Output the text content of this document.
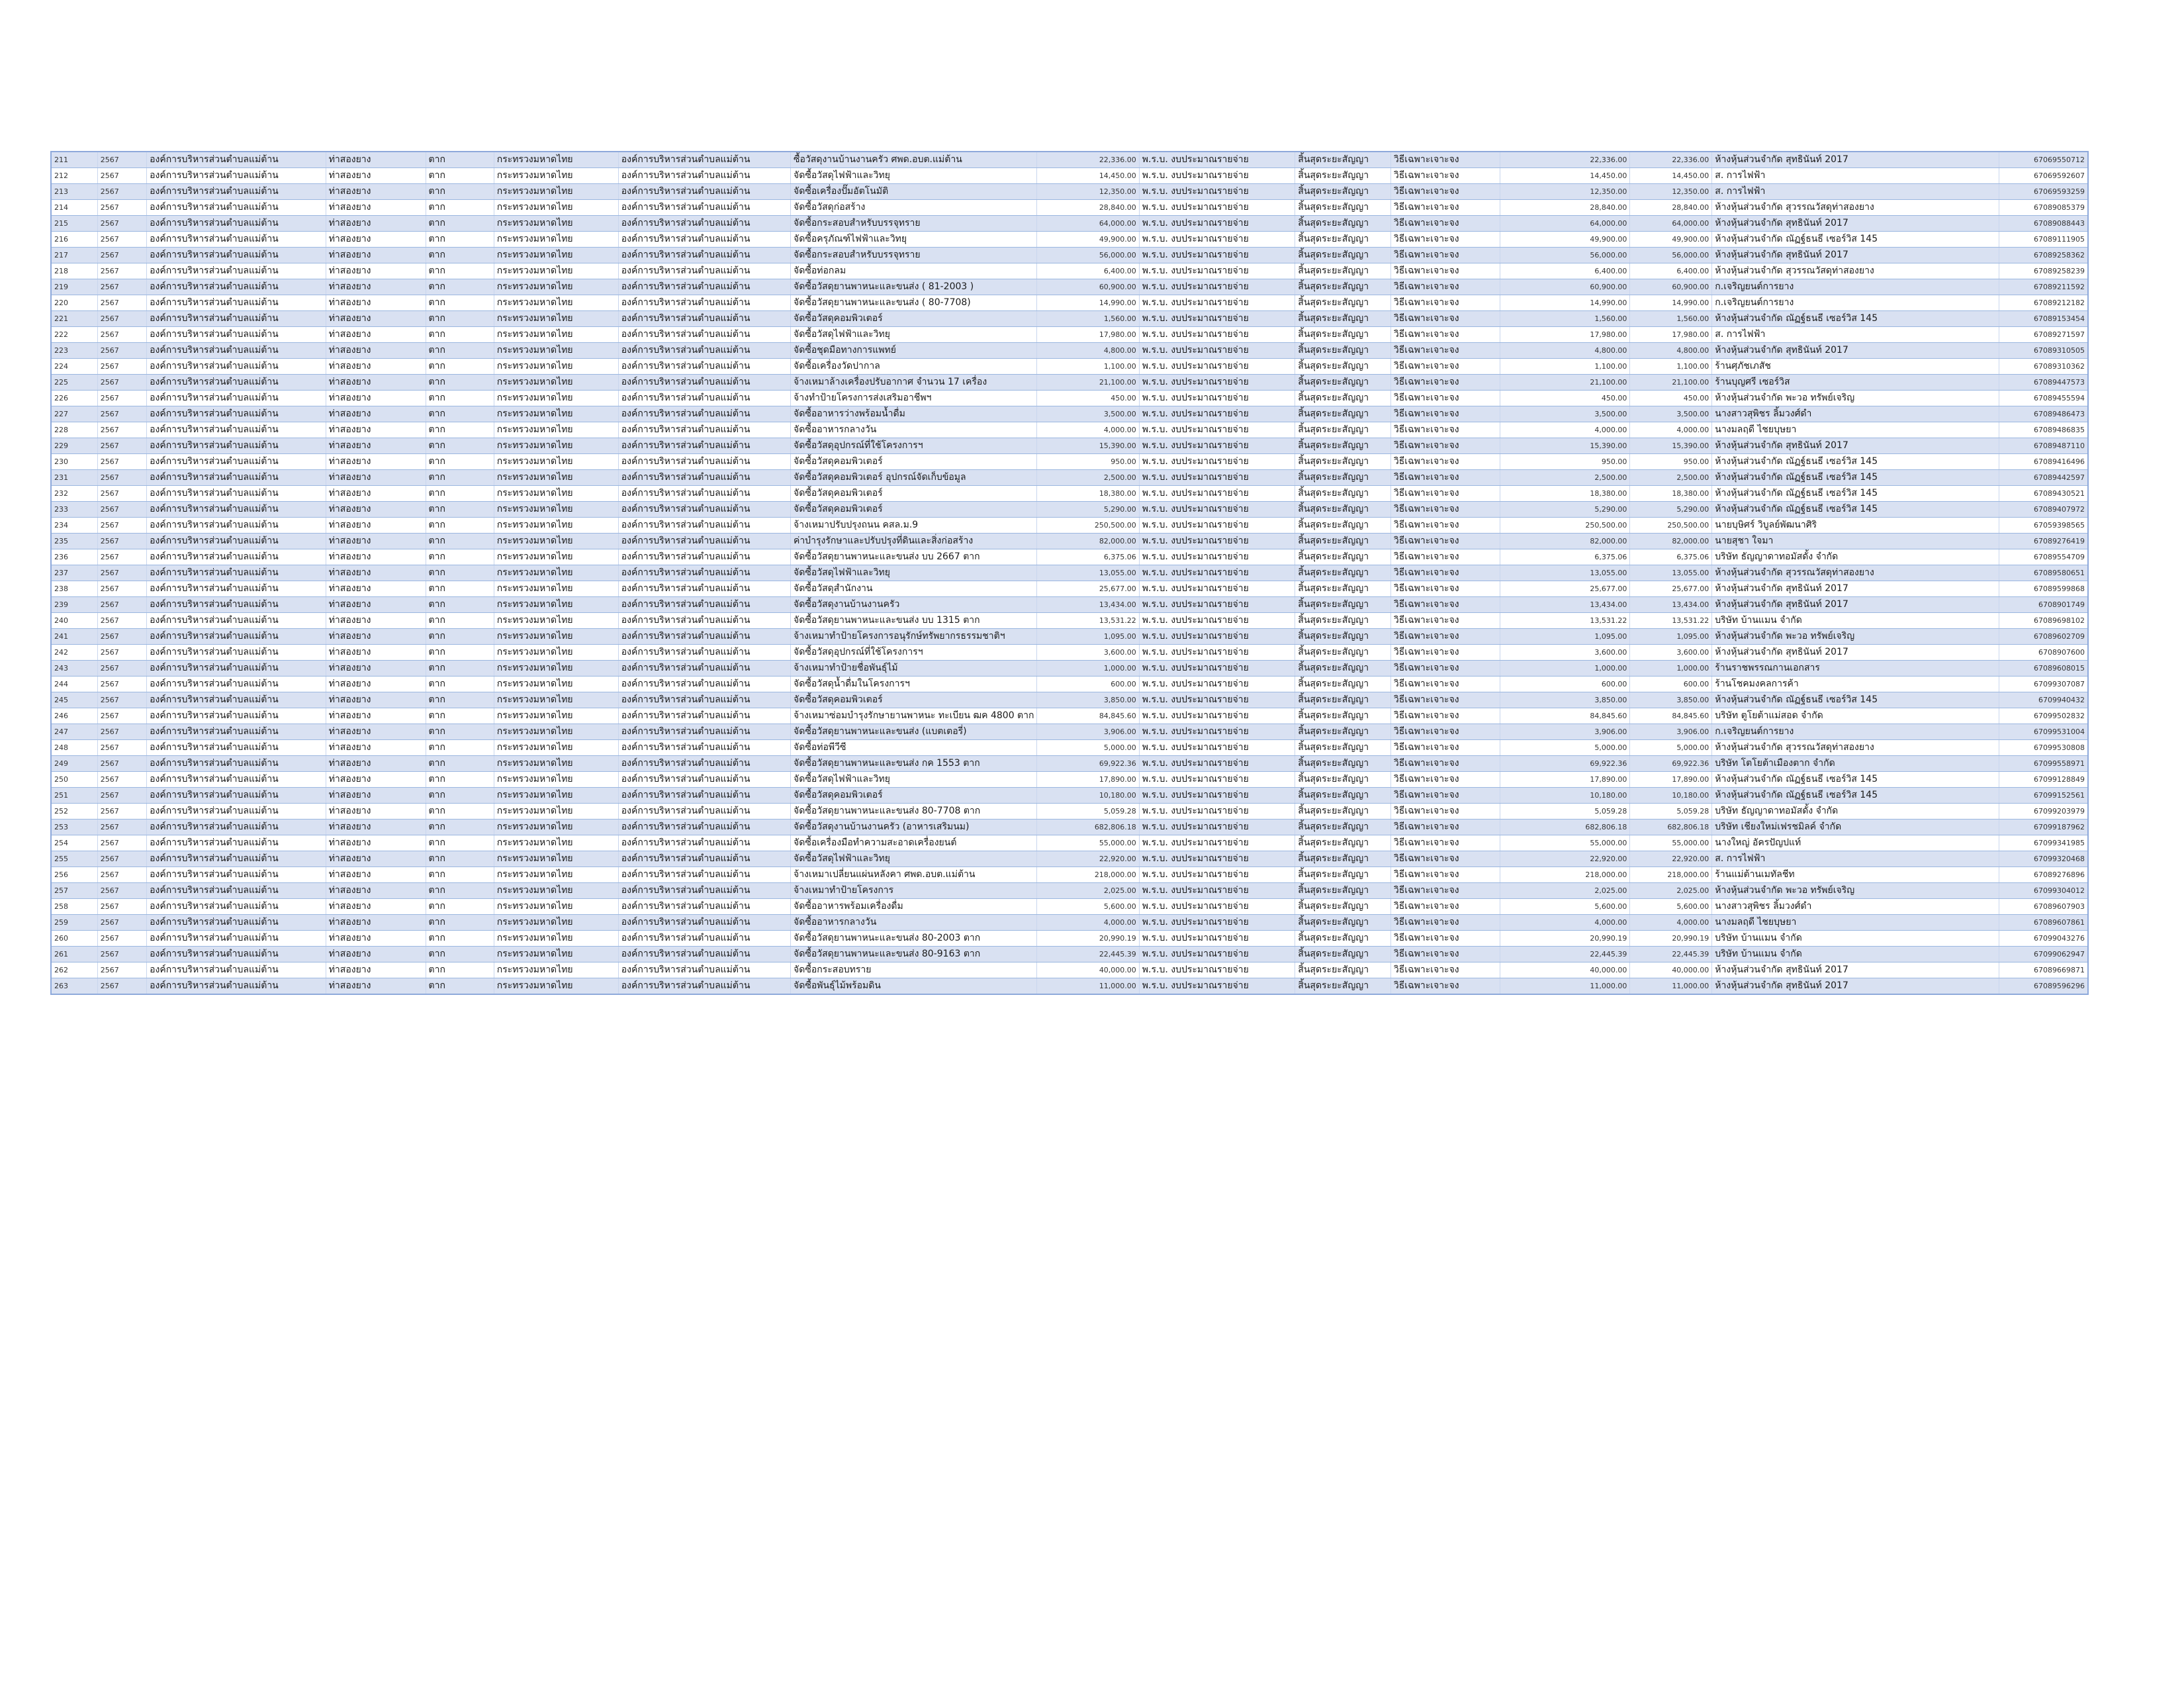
211	2567	องค์การบริหารส่วนตำบลแม่ต้าน	ท่าสองยาง	ตาก	กระทรวงมหาดไทย	องค์การบริหารส่วนตำบลแม่ต้าน	ซื้อวัสดุงานบ้านงานครัว ศพด.อบต.แม่ต้าน	22,336.00	พ.ร.บ. งบประมาณรายจ่าย	สิ้นสุดระยะสัญญา	วิธีเฉพาะเจาะจง	22,336.00	22,336.00	ห้างหุ้นส่วนจำกัด สุทธินันท์ 2017	67069550712
212	2567	องค์การบริหารส่วนตำบลแม่ต้าน	ท่าสองยาง	ตาก	กระทรวงมหาดไทย	องค์การบริหารส่วนตำบลแม่ต้าน	จัดซื้อวัสดุไฟฟ้าและวิทยุ	14,450.00	พ.ร.บ. งบประมาณรายจ่าย	สิ้นสุดระยะสัญญา	วิธีเฉพาะเจาะจง	14,450.00	14,450.00	ส. การไฟฟ้า	67069592607
213	2567	องค์การบริหารส่วนตำบลแม่ต้าน	ท่าสองยาง	ตาก	กระทรวงมหาดไทย	องค์การบริหารส่วนตำบลแม่ต้าน	จัดซื้อเครื่องปั๊มอัตโนมัติ	12,350.00	พ.ร.บ. งบประมาณรายจ่าย	สิ้นสุดระยะสัญญา	วิธีเฉพาะเจาะจง	12,350.00	12,350.00	ส. การไฟฟ้า	67069593259
214	2567	องค์การบริหารส่วนตำบลแม่ต้าน	ท่าสองยาง	ตาก	กระทรวงมหาดไทย	องค์การบริหารส่วนตำบลแม่ต้าน	จัดซื้อวัสดุก่อสร้าง	28,840.00	พ.ร.บ. งบประมาณรายจ่าย	สิ้นสุดระยะสัญญา	วิธีเฉพาะเจาะจง	28,840.00	28,840.00	ห้างหุ้นส่วนจำกัด สุวรรณวัสดุท่าสองยาง	67089085379
215	2567	องค์การบริหารส่วนตำบลแม่ต้าน	ท่าสองยาง	ตาก	กระทรวงมหาดไทย	องค์การบริหารส่วนตำบลแม่ต้าน	จัดซื้อกระสอบสำหรับบรรจุทราย	64,000.00	พ.ร.บ. งบประมาณรายจ่าย	สิ้นสุดระยะสัญญา	วิธีเฉพาะเจาะจง	64,000.00	64,000.00	ห้างหุ้นส่วนจำกัด สุทธินันท์ 2017	67089088443
216	2567	องค์การบริหารส่วนตำบลแม่ต้าน	ท่าสองยาง	ตาก	กระทรวงมหาดไทย	องค์การบริหารส่วนตำบลแม่ต้าน	จัดซื้อครุภัณฑ์ไฟฟ้าและวิทยุ	49,900.00	พ.ร.บ. งบประมาณรายจ่าย	สิ้นสุดระยะสัญญา	วิธีเฉพาะเจาะจง	49,900.00	49,900.00	ห้างหุ้นส่วนจำกัด ณัฏฐ์ธนธี เซอร์วิส 145	67089111905
217	2567	องค์การบริหารส่วนตำบลแม่ต้าน	ท่าสองยาง	ตาก	กระทรวงมหาดไทย	องค์การบริหารส่วนตำบลแม่ต้าน	จัดซื้อกระสอบสำหรับบรรจุทราย	56,000.00	พ.ร.บ. งบประมาณรายจ่าย	สิ้นสุดระยะสัญญา	วิธีเฉพาะเจาะจง	56,000.00	56,000.00	ห้างหุ้นส่วนจำกัด สุทธินันท์ 2017	67089258362
218	2567	องค์การบริหารส่วนตำบลแม่ต้าน	ท่าสองยาง	ตาก	กระทรวงมหาดไทย	องค์การบริหารส่วนตำบลแม่ต้าน	จัดซื้อท่อกลม	6,400.00	พ.ร.บ. งบประมาณรายจ่าย	สิ้นสุดระยะสัญญา	วิธีเฉพาะเจาะจง	6,400.00	6,400.00	ห้างหุ้นส่วนจำกัด สุวรรณวัสดุท่าสองยาง	67089258239
219	2567	องค์การบริหารส่วนตำบลแม่ต้าน	ท่าสองยาง	ตาก	กระทรวงมหาดไทย	องค์การบริหารส่วนตำบลแม่ต้าน	จัดซื้อวัสดุยานพาหนะและขนส่ง ( 81-2003 )	60,900.00	พ.ร.บ. งบประมาณรายจ่าย	สิ้นสุดระยะสัญญา	วิธีเฉพาะเจาะจง	60,900.00	60,900.00	ก.เจริญยนต์การยาง	67089211592
220	2567	องค์การบริหารส่วนตำบลแม่ต้าน	ท่าสองยาง	ตาก	กระทรวงมหาดไทย	องค์การบริหารส่วนตำบลแม่ต้าน	จัดซื้อวัสดุยานพาหนะและขนส่ง ( 80-7708)	14,990.00	พ.ร.บ. งบประมาณรายจ่าย	สิ้นสุดระยะสัญญา	วิธีเฉพาะเจาะจง	14,990.00	14,990.00	ก.เจริญยนต์การยาง	67089212182
221	2567	องค์การบริหารส่วนตำบลแม่ต้าน	ท่าสองยาง	ตาก	กระทรวงมหาดไทย	องค์การบริหารส่วนตำบลแม่ต้าน	จัดซื้อวัสดุคอมพิวเตอร์	1,560.00	พ.ร.บ. งบประมาณรายจ่าย	สิ้นสุดระยะสัญญา	วิธีเฉพาะเจาะจง	1,560.00	1,560.00	ห้างหุ้นส่วนจำกัด ณัฏฐ์ธนธี เซอร์วิส 145	67089153454
222	2567	องค์การบริหารส่วนตำบลแม่ต้าน	ท่าสองยาง	ตาก	กระทรวงมหาดไทย	องค์การบริหารส่วนตำบลแม่ต้าน	จัดซื้อวัสดุไฟฟ้าและวิทยุ	17,980.00	พ.ร.บ. งบประมาณรายจ่าย	สิ้นสุดระยะสัญญา	วิธีเฉพาะเจาะจง	17,980.00	17,980.00	ส. การไฟฟ้า	67089271597
223	2567	องค์การบริหารส่วนตำบลแม่ต้าน	ท่าสองยาง	ตาก	กระทรวงมหาดไทย	องค์การบริหารส่วนตำบลแม่ต้าน	จัดซื้อชุดมือทางการแพทย์	4,800.00	พ.ร.บ. งบประมาณรายจ่าย	สิ้นสุดระยะสัญญา	วิธีเฉพาะเจาะจง	4,800.00	4,800.00	ห้างหุ้นส่วนจำกัด สุทธินันท์ 2017	67089310505
224	2567	องค์การบริหารส่วนตำบลแม่ต้าน	ท่าสองยาง	ตาก	กระทรวงมหาดไทย	องค์การบริหารส่วนตำบลแม่ต้าน	จัดซื้อเครื่องวัดปากาล	1,100.00	พ.ร.บ. งบประมาณรายจ่าย	สิ้นสุดระยะสัญญา	วิธีเฉพาะเจาะจง	1,100.00	1,100.00	ร้านศุภัชเภสัช	67089310362
225	2567	องค์การบริหารส่วนตำบลแม่ต้าน	ท่าสองยาง	ตาก	กระทรวงมหาดไทย	องค์การบริหารส่วนตำบลแม่ต้าน	จ้างเหมาล้างเครื่องปรับอากาศ จำนวน 17 เครื่อง	21,100.00	พ.ร.บ. งบประมาณรายจ่าย	สิ้นสุดระยะสัญญา	วิธีเฉพาะเจาะจง	21,100.00	21,100.00	ร้านบุญศรี เซอร์วิส	67089447573
226	2567	องค์การบริหารส่วนตำบลแม่ต้าน	ท่าสองยาง	ตาก	กระทรวงมหาดไทย	องค์การบริหารส่วนตำบลแม่ต้าน	จ้างทำป้ายโครงการส่งเสริมอาชีพฯ	450.00	พ.ร.บ. งบประมาณรายจ่าย	สิ้นสุดระยะสัญญา	วิธีเฉพาะเจาะจง	450.00	450.00	ห้างหุ้นส่วนจำกัด พะวอ ทรัพย์เจริญ	67089455594
227	2567	องค์การบริหารส่วนตำบลแม่ต้าน	ท่าสองยาง	ตาก	กระทรวงมหาดไทย	องค์การบริหารส่วนตำบลแม่ต้าน	จัดซื้ออาหารว่างพร้อมน้ำดื่ม	3,500.00	พ.ร.บ. งบประมาณรายจ่าย	สิ้นสุดระยะสัญญา	วิธีเฉพาะเจาะจง	3,500.00	3,500.00	นางสาวสุพิชร ลิ้มวงศ์ดำ	67089486473
228	2567	องค์การบริหารส่วนตำบลแม่ต้าน	ท่าสองยาง	ตาก	กระทรวงมหาดไทย	องค์การบริหารส่วนตำบลแม่ต้าน	จัดซื้ออาหารกลางวัน	4,000.00	พ.ร.บ. งบประมาณรายจ่าย	สิ้นสุดระยะสัญญา	วิธีเฉพาะเจาะจง	4,000.00	4,000.00	นางมลฤดี ไชยบุษยา	67089486835
229	2567	องค์การบริหารส่วนตำบลแม่ต้าน	ท่าสองยาง	ตาก	กระทรวงมหาดไทย	องค์การบริหารส่วนตำบลแม่ต้าน	จัดซื้อวัสดุอุปกรณ์ที่ใช้โครงการฯ	15,390.00	พ.ร.บ. งบประมาณรายจ่าย	สิ้นสุดระยะสัญญา	วิธีเฉพาะเจาะจง	15,390.00	15,390.00	ห้างหุ้นส่วนจำกัด สุทธินันท์ 2017	67089487110
230	2567	องค์การบริหารส่วนตำบลแม่ต้าน	ท่าสองยาง	ตาก	กระทรวงมหาดไทย	องค์การบริหารส่วนตำบลแม่ต้าน	จัดซื้อวัสดุคอมพิวเตอร์	950.00	พ.ร.บ. งบประมาณรายจ่าย	สิ้นสุดระยะสัญญา	วิธีเฉพาะเจาะจง	950.00	950.00	ห้างหุ้นส่วนจำกัด ณัฏฐ์ธนธี เซอร์วิส 145	67089416496
231	2567	องค์การบริหารส่วนตำบลแม่ต้าน	ท่าสองยาง	ตาก	กระทรวงมหาดไทย	องค์การบริหารส่วนตำบลแม่ต้าน	จัดซื้อวัสดุคอมพิวเตอร์ อุปกรณ์จัดเก็บข้อมูล	2,500.00	พ.ร.บ. งบประมาณรายจ่าย	สิ้นสุดระยะสัญญา	วิธีเฉพาะเจาะจง	2,500.00	2,500.00	ห้างหุ้นส่วนจำกัด ณัฏฐ์ธนธี เซอร์วิส 145	67089442597
232	2567	องค์การบริหารส่วนตำบลแม่ต้าน	ท่าสองยาง	ตาก	กระทรวงมหาดไทย	องค์การบริหารส่วนตำบลแม่ต้าน	จัดซื้อวัสดุคอมพิวเตอร์	18,380.00	พ.ร.บ. งบประมาณรายจ่าย	สิ้นสุดระยะสัญญา	วิธีเฉพาะเจาะจง	18,380.00	18,380.00	ห้างหุ้นส่วนจำกัด ณัฏฐ์ธนธี เซอร์วิส 145	67089430521
233	2567	องค์การบริหารส่วนตำบลแม่ต้าน	ท่าสองยาง	ตาก	กระทรวงมหาดไทย	องค์การบริหารส่วนตำบลแม่ต้าน	จัดซื้อวัสดุคอมพิวเตอร์	5,290.00	พ.ร.บ. งบประมาณรายจ่าย	สิ้นสุดระยะสัญญา	วิธีเฉพาะเจาะจง	5,290.00	5,290.00	ห้างหุ้นส่วนจำกัด ณัฏฐ์ธนธี เซอร์วิส 145	67089407972
234	2567	องค์การบริหารส่วนตำบลแม่ต้าน	ท่าสองยาง	ตาก	กระทรวงมหาดไทย	องค์การบริหารส่วนตำบลแม่ต้าน	จ้างเหมาปรับปรุงถนน คสล.ม.9	250,500.00	พ.ร.บ. งบประมาณรายจ่าย	สิ้นสุดระยะสัญญา	วิธีเฉพาะเจาะจง	250,500.00	250,500.00	นายบุษิศร์ วิบูลย์พัฒนาศิริ	67059398565
235	2567	องค์การบริหารส่วนตำบลแม่ต้าน	ท่าสองยาง	ตาก	กระทรวงมหาดไทย	องค์การบริหารส่วนตำบลแม่ต้าน	ค่าบำรุงรักษาและปรับปรุงที่ดินและสิ่งก่อสร้าง	82,000.00	พ.ร.บ. งบประมาณรายจ่าย	สิ้นสุดระยะสัญญา	วิธีเฉพาะเจาะจง	82,000.00	82,000.00	นายสุชา ใจมา	67089276419
236	2567	องค์การบริหารส่วนตำบลแม่ต้าน	ท่าสองยาง	ตาก	กระทรวงมหาดไทย	องค์การบริหารส่วนตำบลแม่ต้าน	จัดซื้อวัสดุยานพาหนะและขนส่ง บบ 2667 ตาก	6,375.06	พ.ร.บ. งบประมาณรายจ่าย	สิ้นสุดระยะสัญญา	วิธีเฉพาะเจาะจง	6,375.06	6,375.06	บริษัท ธัญญาดาทอมัสดั้ง จำกัด	67089554709
237	2567	องค์การบริหารส่วนตำบลแม่ต้าน	ท่าสองยาง	ตาก	กระทรวงมหาดไทย	องค์การบริหารส่วนตำบลแม่ต้าน	จัดซื้อวัสดุไฟฟ้าและวิทยุ	13,055.00	พ.ร.บ. งบประมาณรายจ่าย	สิ้นสุดระยะสัญญา	วิธีเฉพาะเจาะจง	13,055.00	13,055.00	ห้างหุ้นส่วนจำกัด สุวรรณวัสดุท่าสองยาง	67089580651
238	2567	องค์การบริหารส่วนตำบลแม่ต้าน	ท่าสองยาง	ตาก	กระทรวงมหาดไทย	องค์การบริหารส่วนตำบลแม่ต้าน	จัดซื้อวัสดุสำนักงาน	25,677.00	พ.ร.บ. งบประมาณรายจ่าย	สิ้นสุดระยะสัญญา	วิธีเฉพาะเจาะจง	25,677.00	25,677.00	ห้างหุ้นส่วนจำกัด สุทธินันท์ 2017	67089599868
239	2567	องค์การบริหารส่วนตำบลแม่ต้าน	ท่าสองยาง	ตาก	กระทรวงมหาดไทย	องค์การบริหารส่วนตำบลแม่ต้าน	จัดซื้อวัสดุงานบ้านงานครัว	13,434.00	พ.ร.บ. งบประมาณรายจ่าย	สิ้นสุดระยะสัญญา	วิธีเฉพาะเจาะจง	13,434.00	13,434.00	ห้างหุ้นส่วนจำกัด สุทธินันท์ 2017	6708901749
240	2567	องค์การบริหารส่วนตำบลแม่ต้าน	ท่าสองยาง	ตาก	กระทรวงมหาดไทย	องค์การบริหารส่วนตำบลแม่ต้าน	จัดซื้อวัสดุยานพาหนะและขนส่ง บบ 1315 ตาก	13,531.22	พ.ร.บ. งบประมาณรายจ่าย	สิ้นสุดระยะสัญญา	วิธีเฉพาะเจาะจง	13,531.22	13,531.22	บริษัท บ้านแมน จำกัด	67089698102
241	2567	องค์การบริหารส่วนตำบลแม่ต้าน	ท่าสองยาง	ตาก	กระทรวงมหาดไทย	องค์การบริหารส่วนตำบลแม่ต้าน	จ้างเหมาทำป้ายโครงการอนุรักษ์ทรัพยากรธรรมชาติฯ	1,095.00	พ.ร.บ. งบประมาณรายจ่าย	สิ้นสุดระยะสัญญา	วิธีเฉพาะเจาะจง	1,095.00	1,095.00	ห้างหุ้นส่วนจำกัด พะวอ ทรัพย์เจริญ	67089602709
242	2567	องค์การบริหารส่วนตำบลแม่ต้าน	ท่าสองยาง	ตาก	กระทรวงมหาดไทย	องค์การบริหารส่วนตำบลแม่ต้าน	จัดซื้อวัสดุอุปกรณ์ที่ใช้โครงการฯ	3,600.00	พ.ร.บ. งบประมาณรายจ่าย	สิ้นสุดระยะสัญญา	วิธีเฉพาะเจาะจง	3,600.00	3,600.00	ห้างหุ้นส่วนจำกัด สุทธินันท์ 2017	6708907600
243	2567	องค์การบริหารส่วนตำบลแม่ต้าน	ท่าสองยาง	ตาก	กระทรวงมหาดไทย	องค์การบริหารส่วนตำบลแม่ต้าน	จ้างเหมาทำป้ายชื่อพันธุ์ไม้	1,000.00	พ.ร.บ. งบประมาณรายจ่าย	สิ้นสุดระยะสัญญา	วิธีเฉพาะเจาะจง	1,000.00	1,000.00	ร้านราชพรรณกานเอกสาร	67089608015
244	2567	องค์การบริหารส่วนตำบลแม่ต้าน	ท่าสองยาง	ตาก	กระทรวงมหาดไทย	องค์การบริหารส่วนตำบลแม่ต้าน	จัดซื้อวัสดุน้ำดื่มในโครงการฯ	600.00	พ.ร.บ. งบประมาณรายจ่าย	สิ้นสุดระยะสัญญา	วิธีเฉพาะเจาะจง	600.00	600.00	ร้านโชคมงคลการค้า	67099307087
245	2567	องค์การบริหารส่วนตำบลแม่ต้าน	ท่าสองยาง	ตาก	กระทรวงมหาดไทย	องค์การบริหารส่วนตำบลแม่ต้าน	จัดซื้อวัสดุคอมพิวเตอร์	3,850.00	พ.ร.บ. งบประมาณรายจ่าย	สิ้นสุดระยะสัญญา	วิธีเฉพาะเจาะจง	3,850.00	3,850.00	ห้างหุ้นส่วนจำกัด ณัฏฐ์ธนธี เซอร์วิส 145	6709940432
246	2567	องค์การบริหารส่วนตำบลแม่ต้าน	ท่าสองยาง	ตาก	กระทรวงมหาดไทย	องค์การบริหารส่วนตำบลแม่ต้าน	จ้างเหมาซ่อมบำรุงรักษายานพาหนะ ทะเบียน ฒค 4800 ตาก	84,845.60	พ.ร.บ. งบประมาณรายจ่าย	สิ้นสุดระยะสัญญา	วิธีเฉพาะเจาะจง	84,845.60	84,845.60	บริษัท ตูโยต้าแม่สอด จำกัด	67099502832
247	2567	องค์การบริหารส่วนตำบลแม่ต้าน	ท่าสองยาง	ตาก	กระทรวงมหาดไทย	องค์การบริหารส่วนตำบลแม่ต้าน	จัดซื้อวัสดุยานพาหนะและขนส่ง (แบตเตอรี่)	3,906.00	พ.ร.บ. งบประมาณรายจ่าย	สิ้นสุดระยะสัญญา	วิธีเฉพาะเจาะจง	3,906.00	3,906.00	ก.เจริญยนต์การยาง	67099531004
248	2567	องค์การบริหารส่วนตำบลแม่ต้าน	ท่าสองยาง	ตาก	กระทรวงมหาดไทย	องค์การบริหารส่วนตำบลแม่ต้าน	จัดซื้อท่อพีวีซี	5,000.00	พ.ร.บ. งบประมาณรายจ่าย	สิ้นสุดระยะสัญญา	วิธีเฉพาะเจาะจง	5,000.00	5,000.00	ห้างหุ้นส่วนจำกัด สุวรรณวัสดุท่าสองยาง	67099530808
249	2567	องค์การบริหารส่วนตำบลแม่ต้าน	ท่าสองยาง	ตาก	กระทรวงมหาดไทย	องค์การบริหารส่วนตำบลแม่ต้าน	จัดซื้อวัสดุยานพาหนะและขนส่ง กค 1553 ตาก	69,922.36	พ.ร.บ. งบประมาณรายจ่าย	สิ้นสุดระยะสัญญา	วิธีเฉพาะเจาะจง	69,922.36	69,922.36	บริษัท โตโยต้าเมืองตาก จำกัด	67099558971
250	2567	องค์การบริหารส่วนตำบลแม่ต้าน	ท่าสองยาง	ตาก	กระทรวงมหาดไทย	องค์การบริหารส่วนตำบลแม่ต้าน	จัดซื้อวัสดุไฟฟ้าและวิทยุ	17,890.00	พ.ร.บ. งบประมาณรายจ่าย	สิ้นสุดระยะสัญญา	วิธีเฉพาะเจาะจง	17,890.00	17,890.00	ห้างหุ้นส่วนจำกัด ณัฏฐ์ธนธี เซอร์วิส 145	67099128849
251	2567	องค์การบริหารส่วนตำบลแม่ต้าน	ท่าสองยาง	ตาก	กระทรวงมหาดไทย	องค์การบริหารส่วนตำบลแม่ต้าน	จัดซื้อวัสดุคอมพิวเตอร์	10,180.00	พ.ร.บ. งบประมาณรายจ่าย	สิ้นสุดระยะสัญญา	วิธีเฉพาะเจาะจง	10,180.00	10,180.00	ห้างหุ้นส่วนจำกัด ณัฏฐ์ธนธี เซอร์วิส 145	67099152561
252	2567	องค์การบริหารส่วนตำบลแม่ต้าน	ท่าสองยาง	ตาก	กระทรวงมหาดไทย	องค์การบริหารส่วนตำบลแม่ต้าน	จัดซื้อวัสดุยานพาหนะและขนส่ง 80-7708 ตาก	5,059.28	พ.ร.บ. งบประมาณรายจ่าย	สิ้นสุดระยะสัญญา	วิธีเฉพาะเจาะจง	5,059.28	5,059.28	บริษัท ธัญญาดาทอมัสดั้ง จำกัด	67099203979
253	2567	องค์การบริหารส่วนตำบลแม่ต้าน	ท่าสองยาง	ตาก	กระทรวงมหาดไทย	องค์การบริหารส่วนตำบลแม่ต้าน	จัดซื้อวัสดุงานบ้านงานครัว (อาหารเสริมนม)	682,806.18	พ.ร.บ. งบประมาณรายจ่าย	สิ้นสุดระยะสัญญา	วิธีเฉพาะเจาะจง	682,806.18	682,806.18	บริษัท เชียงใหม่เฟรชมิลค์ จำกัด	67099187962
254	2567	องค์การบริหารส่วนตำบลแม่ต้าน	ท่าสองยาง	ตาก	กระทรวงมหาดไทย	องค์การบริหารส่วนตำบลแม่ต้าน	จัดซื้อเครื่องมือทำความสะอาดเครื่องยนต์	55,000.00	พ.ร.บ. งบประมาณรายจ่าย	สิ้นสุดระยะสัญญา	วิธีเฉพาะเจาะจง	55,000.00	55,000.00	นางใหญ่ อัครปัญปแท์	67099341985
255	2567	องค์การบริหารส่วนตำบลแม่ต้าน	ท่าสองยาง	ตาก	กระทรวงมหาดไทย	องค์การบริหารส่วนตำบลแม่ต้าน	จัดซื้อวัสดุไฟฟ้าและวิทยุ	22,920.00	พ.ร.บ. งบประมาณรายจ่าย	สิ้นสุดระยะสัญญา	วิธีเฉพาะเจาะจง	22,920.00	22,920.00	ส. การไฟฟ้า	67099320468
256	2567	องค์การบริหารส่วนตำบลแม่ต้าน	ท่าสองยาง	ตาก	กระทรวงมหาดไทย	องค์การบริหารส่วนตำบลแม่ต้าน	จ้างเหมาเปลี่ยนแผ่นหลังคา ศพด.อบต.แม่ต้าน	218,000.00	พ.ร.บ. งบประมาณรายจ่าย	สิ้นสุดระยะสัญญา	วิธีเฉพาะเจาะจง	218,000.00	218,000.00	ร้านแม่ต้านเมทัลชีท	67089276896
257	2567	องค์การบริหารส่วนตำบลแม่ต้าน	ท่าสองยาง	ตาก	กระทรวงมหาดไทย	องค์การบริหารส่วนตำบลแม่ต้าน	จ้างเหมาทำป้ายโครงการ	2,025.00	พ.ร.บ. งบประมาณรายจ่าย	สิ้นสุดระยะสัญญา	วิธีเฉพาะเจาะจง	2,025.00	2,025.00	ห้างหุ้นส่วนจำกัด พะวอ ทรัพย์เจริญ	67099304012
258	2567	องค์การบริหารส่วนตำบลแม่ต้าน	ท่าสองยาง	ตาก	กระทรวงมหาดไทย	องค์การบริหารส่วนตำบลแม่ต้าน	จัดซื้ออาหารพร้อมเครื่องดื่ม	5,600.00	พ.ร.บ. งบประมาณรายจ่าย	สิ้นสุดระยะสัญญา	วิธีเฉพาะเจาะจง	5,600.00	5,600.00	นางสาวสุพิชร ลิ้มวงศ์ดำ	67089607903
259	2567	องค์การบริหารส่วนตำบลแม่ต้าน	ท่าสองยาง	ตาก	กระทรวงมหาดไทย	องค์การบริหารส่วนตำบลแม่ต้าน	จัดซื้ออาหารกลางวัน	4,000.00	พ.ร.บ. งบประมาณรายจ่าย	สิ้นสุดระยะสัญญา	วิธีเฉพาะเจาะจง	4,000.00	4,000.00	นางมลฤดี ไชยบุษยา	67089607861
260	2567	องค์การบริหารส่วนตำบลแม่ต้าน	ท่าสองยาง	ตาก	กระทรวงมหาดไทย	องค์การบริหารส่วนตำบลแม่ต้าน	จัดซื้อวัสดุยานพาหนะและขนส่ง 80-2003 ตาก	20,990.19	พ.ร.บ. งบประมาณรายจ่าย	สิ้นสุดระยะสัญญา	วิธีเฉพาะเจาะจง	20,990.19	20,990.19	บริษัท บ้านแมน จำกัด	67099043276
261	2567	องค์การบริหารส่วนตำบลแม่ต้าน	ท่าสองยาง	ตาก	กระทรวงมหาดไทย	องค์การบริหารส่วนตำบลแม่ต้าน	จัดซื้อวัสดุยานพาหนะและขนส่ง 80-9163 ตาก	22,445.39	พ.ร.บ. งบประมาณรายจ่าย	สิ้นสุดระยะสัญญา	วิธีเฉพาะเจาะจง	22,445.39	22,445.39	บริษัท บ้านแมน จำกัด	67099062947
262	2567	องค์การบริหารส่วนตำบลแม่ต้าน	ท่าสองยาง	ตาก	กระทรวงมหาดไทย	องค์การบริหารส่วนตำบลแม่ต้าน	จัดซื้อกระสอบทราย	40,000.00	พ.ร.บ. งบประมาณรายจ่าย	สิ้นสุดระยะสัญญา	วิธีเฉพาะเจาะจง	40,000.00	40,000.00	ห้างหุ้นส่วนจำกัด สุทธินันท์ 2017	67089669871
263	2567	องค์การบริหารส่วนตำบลแม่ต้าน	ท่าสองยาง	ตาก	กระทรวงมหาดไทย	องค์การบริหารส่วนตำบลแม่ต้าน	จัดซื้อพันธุ์ไม้พร้อมดิน	11,000.00	พ.ร.บ. งบประมาณรายจ่าย	สิ้นสุดระยะสัญญา	วิธีเฉพาะเจาะจง	11,000.00	11,000.00	ห้างหุ้นส่วนจำกัด สุทธินันท์ 2017	67089596296
